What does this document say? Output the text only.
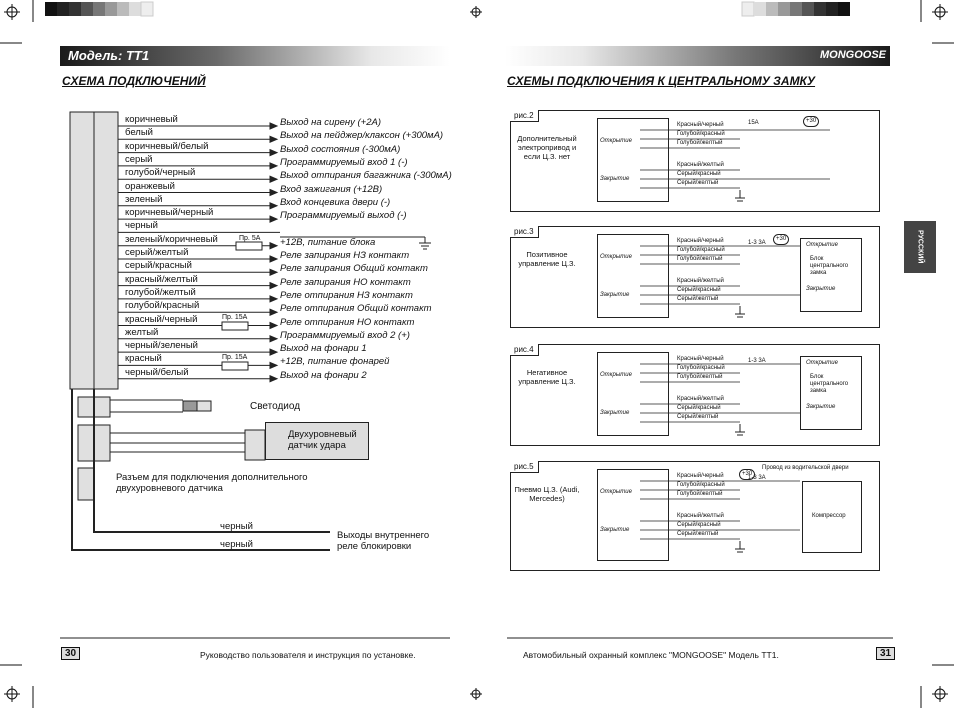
Модель: TT1
СХЕМА ПОДКЛЮЧЕНИЙ
MONGOOSE
СХЕМЫ ПОДКЛЮЧЕНИЯ К ЦЕНТРАЛЬНОМУ ЗАМКУ
РУССКИЙ
коричневый	Выход на сирену (+2А)
белый	Выход на пейджер/клаксон (+300мА)
коричневый/белый	Выход состояния (-300мА)
серый	Программируемый вход 1 (-)
голубой/черный	Выход отпирания багажника (-300мА)
оранжевый	Вход зажигания (+12В)
зеленый	Вход концевика двери (-)
коричневый/черный	Программируемый выход (-)
черный
зеленый/коричневый	+12В, питание блока
серый/желтый	Реле запирания НЗ контакт
серый/красный	Реле запирания Общий контакт
красный/желтый	Реле запирания НО контакт
голубой/желтый	Реле отпирания НЗ контакт
голубой/красный	Реле отпирания Общий контакт
красный/черный	Реле отпирания НО контакт
желтый	Программируемый вход 2 (+)
черный/зеленый	Выход на фонари 1
красный	+12В, питание фонарей
черный/белый	Выход на фонари 2
Пр. 5А
Пр. 15А
Пр. 15А
Светодиод
Двухуровневый датчик удара
Разъем для подключения дополнительного двухуровневого датчика
черный
черный
Выходы внутреннего реле блокировки
30	Руководство пользователя и инструкция по установке.	31
Автомобильный охранный комплекс "MONGOOSE" Модель TT1.
рис.2
Дополнительный электропривод и если Ц.З. нет
Открытие
Закрытие
Красный/черный
Красный/желтый
Голубой/красный
Серый/красный
Голубой/желтый
Серый/желтый
15А	+30
рис.3
Позитивное управление Ц.З.
Открытие
Закрытие
Красный/черный
Красный/желтый
Голубой/красный
Серый/красный
Голубой/желтый
Серый/желтый
1-3 3А
+30
Открытие
Блок центрального замка
Закрытие
рис.4
Негативное управление Ц.З.
Открытие
Закрытие
Красный/черный
Красный/желтый
Голубой/красный
Серый/красный
Голубой/желтый
Серый/желтый
1-3 3А	Открытие
Блок центрального замка
Закрытие
рис.5
Пневмо Ц.З. (Audi, Mercedes)
Открытие
Закрытие
Красный/черный
Красный/желтый
Голубой/красный
Серый/красный
Голубой/желтый
Серый/желтый
1-3 3А
+30
Компрессор
Провод из водительской двери
